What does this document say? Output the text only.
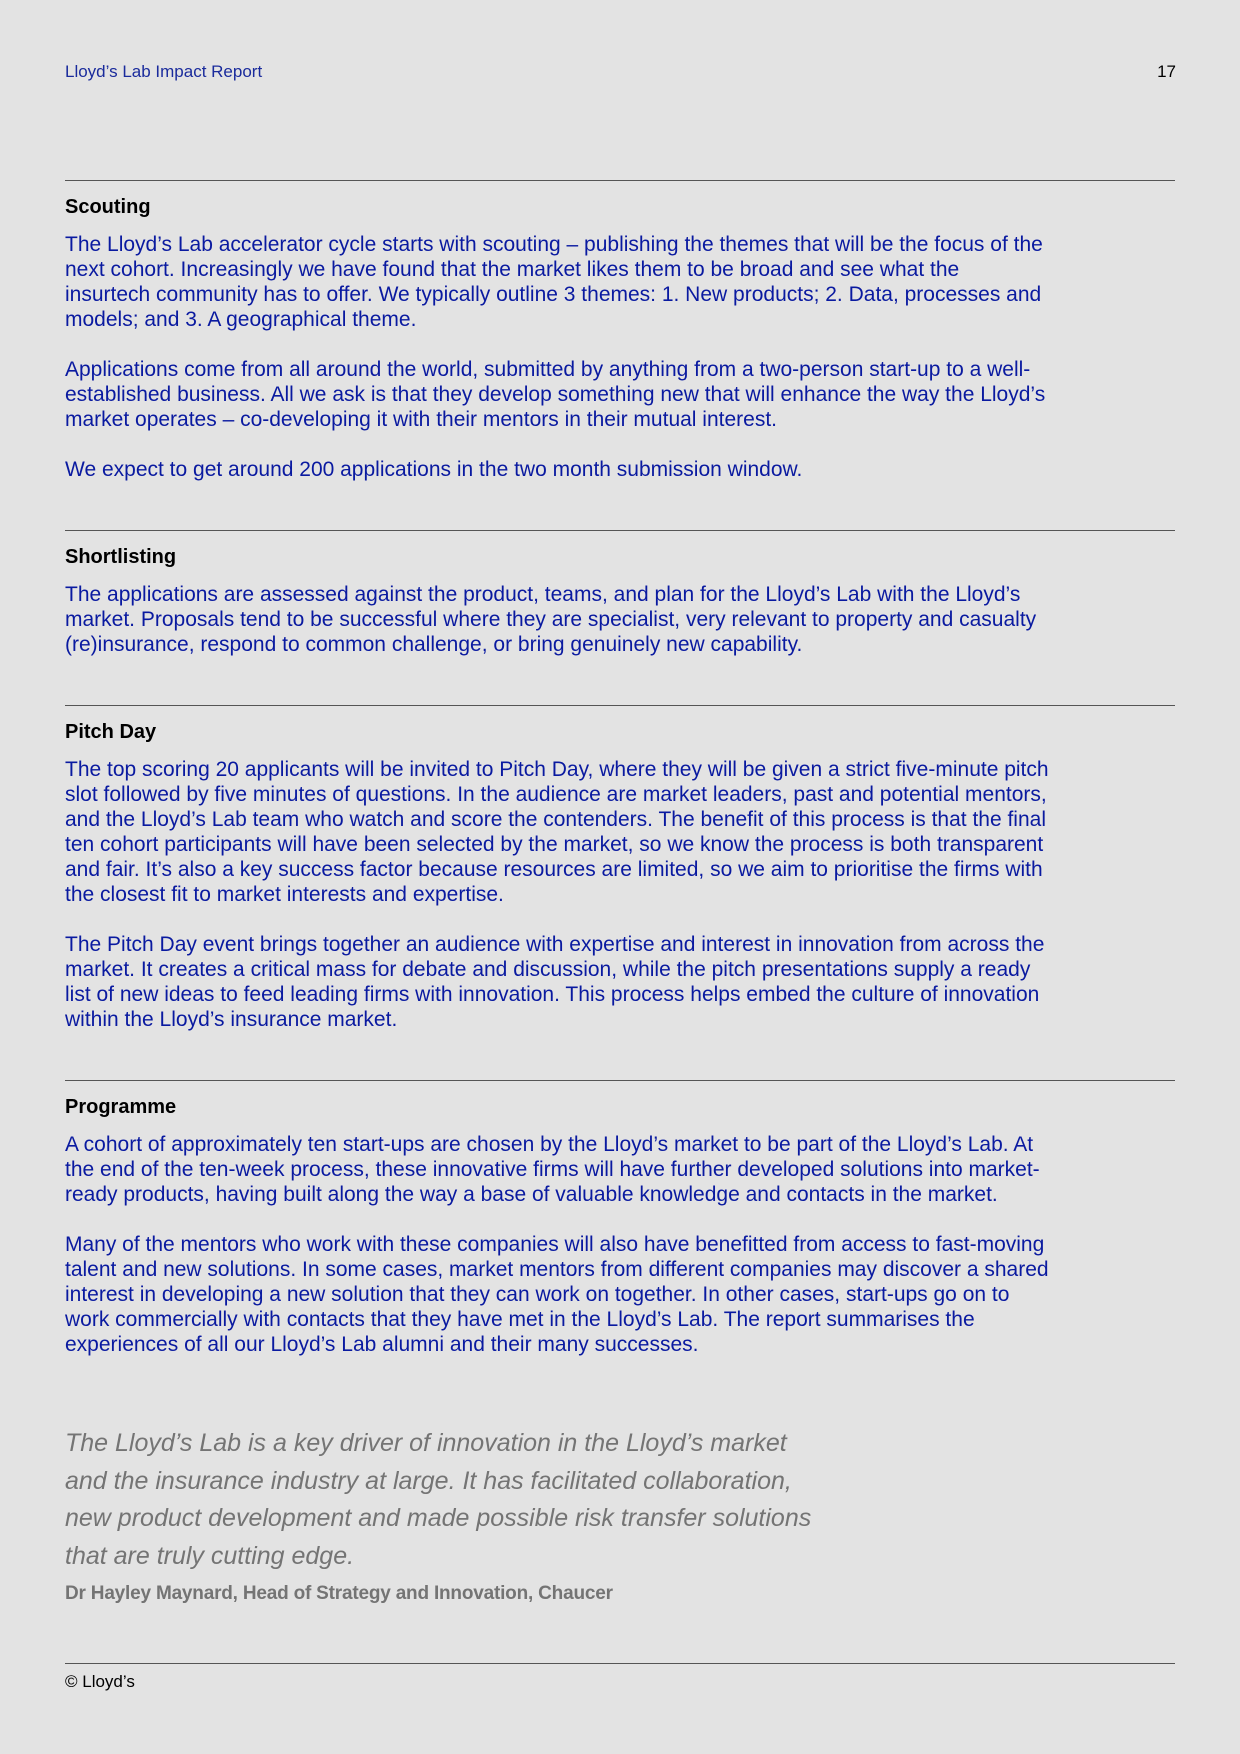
Lloyd’s Lab Impact Report	17
Scouting

The Lloyd’s Lab accelerator cycle starts with scouting – publishing the themes that will be the focus of the next cohort. Increasingly we have found that the market likes them to be broad and see what the insurtech community has to offer. We typically outline 3 themes: 1. New products; 2. Data, processes and models; and 3. A geographical theme.

Applications come from all around the world, submitted by anything from a two-person start-up to a well-established business. All we ask is that they develop something new that will enhance the way the Lloyd’s market operates – co-developing it with their mentors in their mutual interest.

We expect to get around 200 applications in the two month submission window.

Shortlisting

The applications are assessed against the product, teams, and plan for the Lloyd’s Lab with the Lloyd’s market. Proposals tend to be successful where they are specialist, very relevant to property and casualty (re)insurance, respond to common challenge, or bring genuinely new capability.

Pitch Day

The top scoring 20 applicants will be invited to Pitch Day, where they will be given a strict five-minute pitch slot followed by five minutes of questions. In the audience are market leaders, past and potential mentors, and the Lloyd’s Lab team who watch and score the contenders. The benefit of this process is that the final ten cohort participants will have been selected by the market, so we know the process is both transparent and fair. It’s also a key success factor because resources are limited, so we aim to prioritise the firms with the closest fit to market interests and expertise.

The Pitch Day event brings together an audience with expertise and interest in innovation from across the market. It creates a critical mass for debate and discussion, while the pitch presentations supply a ready list of new ideas to feed leading firms with innovation. This process helps embed the culture of innovation within the Lloyd’s insurance market.

Programme

A cohort of approximately ten start-ups are chosen by the Lloyd’s market to be part of the Lloyd’s Lab. At the end of the ten-week process, these innovative firms will have further developed solutions into market-ready products, having built along the way a base of valuable knowledge and contacts in the market.

Many of the mentors who work with these companies will also have benefitted from access to fast-moving talent and new solutions. In some cases, market mentors from different companies may discover a shared interest in developing a new solution that they can work on together. In other cases, start-ups go on to work commercially with contacts that they have met in the Lloyd’s Lab. The report summarises the experiences of all our Lloyd’s Lab alumni and their many successes.

The Lloyd’s Lab is a key driver of innovation in the Lloyd’s market and the insurance industry at large. It has facilitated collaboration, new product development and made possible risk transfer solutions that are truly cutting edge.

Dr Hayley Maynard, Head of Strategy and Innovation, Chaucer
© Lloyd’s
